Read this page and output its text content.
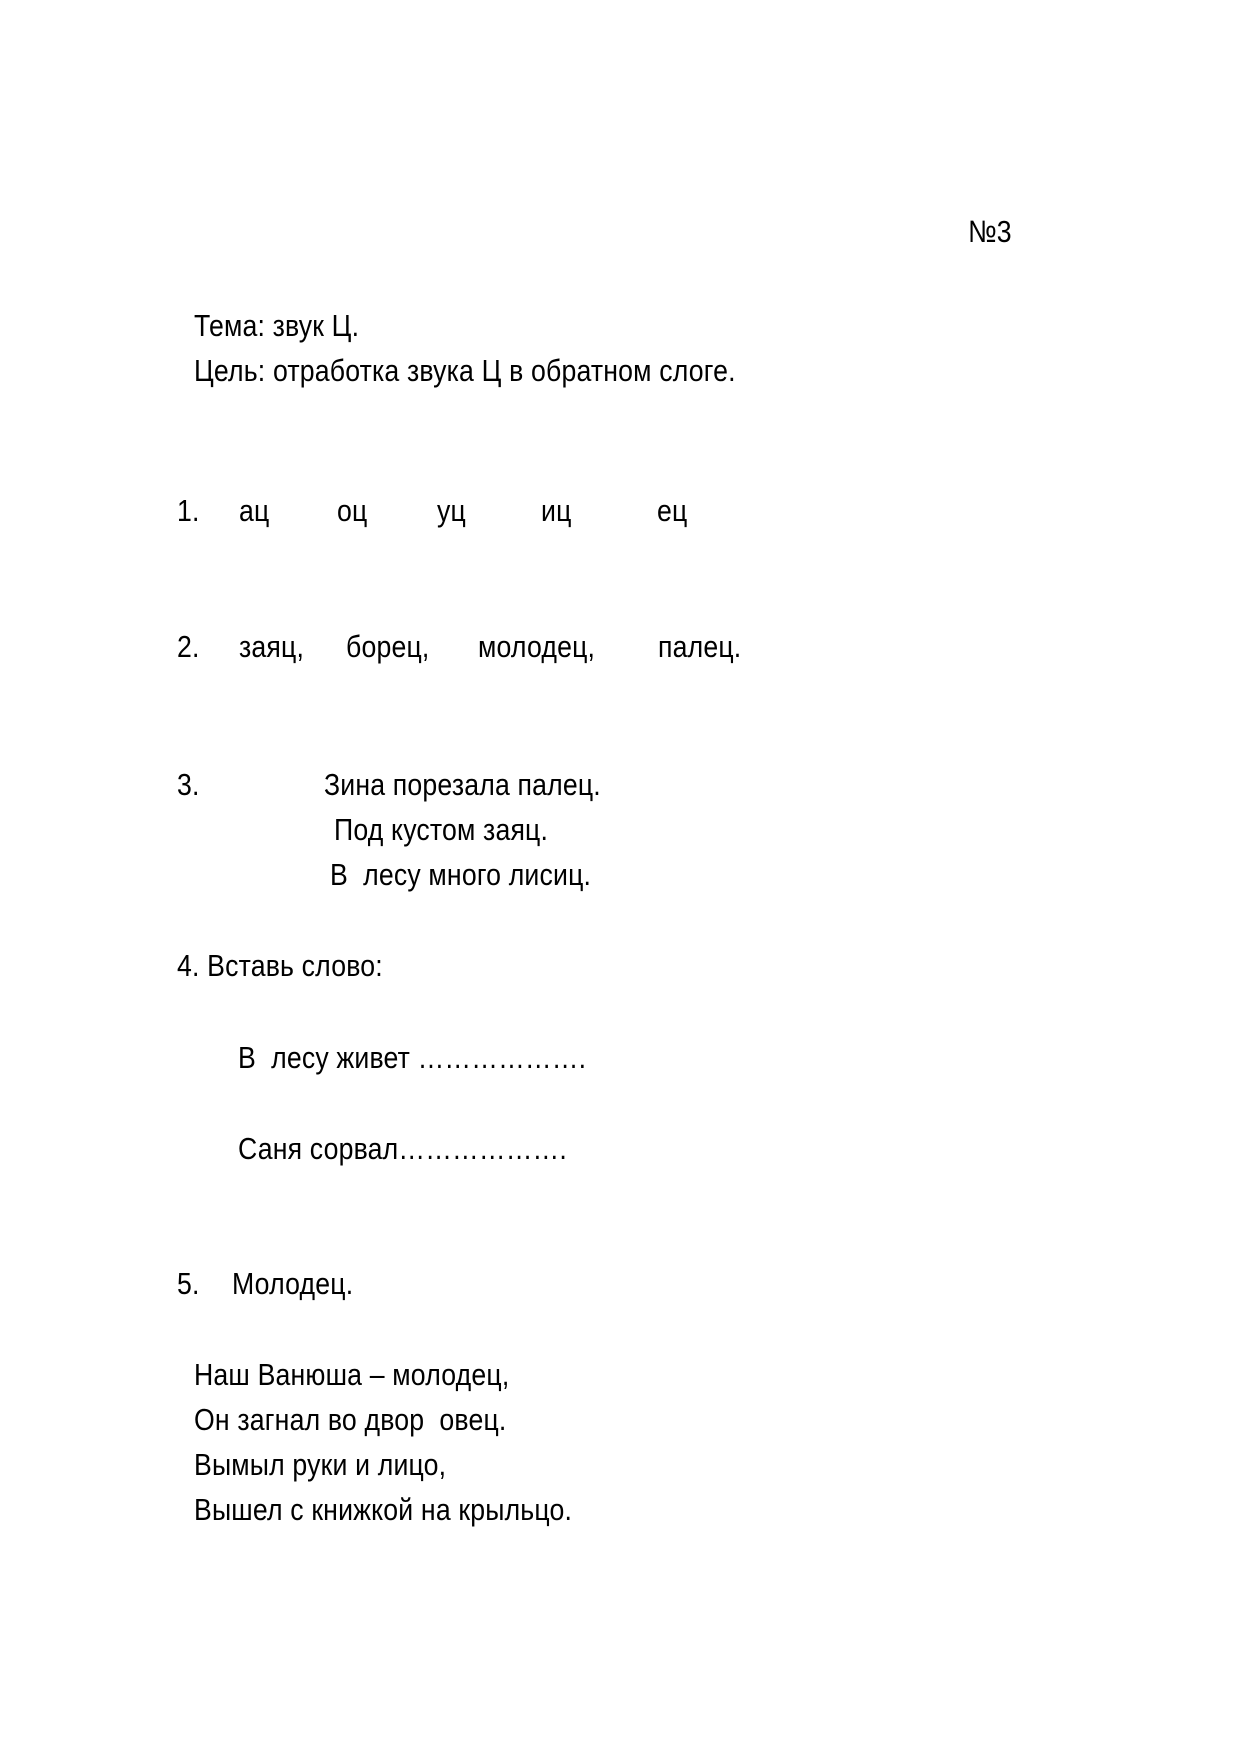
№3
Тема: звук Ц.
Цель: отработка звука Ц в обратном слоге.
1. ац оц уц иц	ец
2. заяц, борец, молодец, палец.
3.	Зина порезала палец.
Под кустом заяц.
В  лесу много лисиц.
4. Вставь слово:
В  лесу живет ……………….
Саня сорвал……………….
5. Молодец.
Наш Ванюша – молодец,
Он загнал во двор  овец.
Вымыл руки и лицо,
Вышел с книжкой на крыльцо.
